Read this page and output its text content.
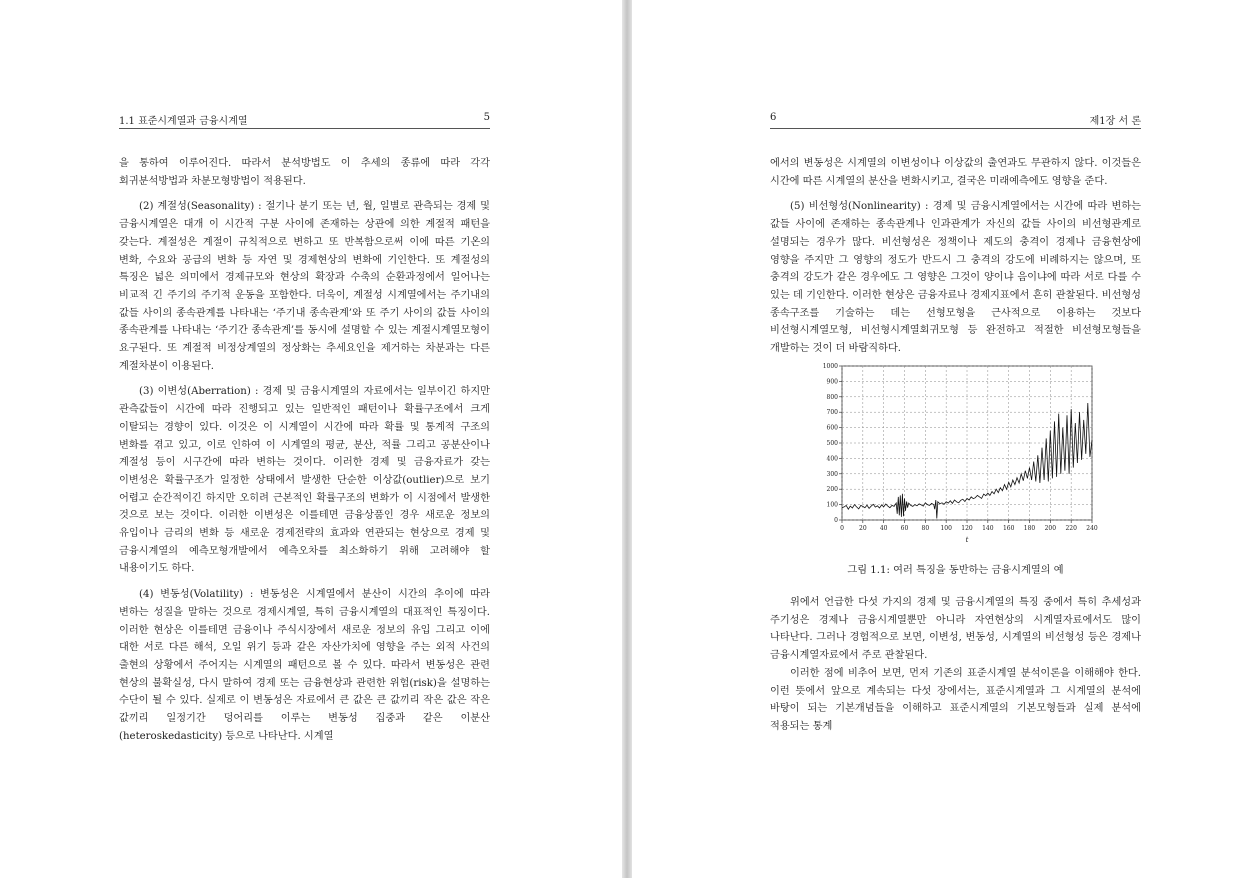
1.1 표준시계열과 금융시계열	5

을 통하여 이루어진다. 따라서 분석방법도 이 추세의 종류에 따라 각각 회귀분석방법과 차분모형방법이 적용된다.

(2) 계절성(Seasonality) : 절기나 분기 또는 년, 월, 일별로 관측되는 경제 및 금융시계열은 대개 이 시간적 구분 사이에 존재하는 상관에 의한 계절적 패턴을 갖는다. 계절성은 계절이 규칙적으로 변하고 또 반복함으로써 이에 따른 기온의 변화, 수요와 공급의 변화 등 자연 및 경제현상의 변화에 기인한다. 또 계절성의 특징은 넓은 의미에서 경제규모와 현상의 확장과 수축의 순환과정에서 일어나는 비교적 긴 주기의 주기적 운동을 포함한다. 더욱이, 계절성 시계열에서는 주기내의 값들 사이의 종속관계를 나타내는 ‘주기내 종속관계’와 또 주기 사이의 값들 사이의 종속관계를 나타내는 ‘주기간 종속관계’를 동시에 설명할 수 있는 계절시계열모형이 요구된다. 또 계절적 비정상계열의 정상화는 추세요인을 제거하는 차분과는 다른 계절차분이 이용된다.

(3) 이변성(Aberration) : 경제 및 금융시계열의 자료에서는 일부이긴 하지만 관측값들이 시간에 따라 진행되고 있는 일반적인 패턴이나 확률구조에서 크게 이탈되는 경향이 있다. 이것은 이 시계열이 시간에 따라 확률 및 통계적 구조의 변화를 겪고 있고, 이로 인하여 이 시계열의 평균, 분산, 적률 그리고 공분산이나 계절성 등이 시구간에 따라 변하는 것이다. 이러한 경제 및 금융자료가 갖는 이변성은 확률구조가 일정한 상태에서 발생한 단순한 이상값(outlier)으로 보기 어렵고 순간적이긴 하지만 오히려 근본적인 확률구조의 변화가 이 시점에서 발생한 것으로 보는 것이다. 이러한 이변성은 이를테면 금융상품인 경우 새로운 정보의 유입이나 금리의 변화 등 새로운 경제전략의 효과와 연관되는 현상으로 경제 및 금융시계열의 예측모형개발에서 예측오차를 최소화하기 위해 고려해야 할 내용이기도 하다.

(4) 변동성(Volatility) : 변동성은 시계열에서 분산이 시간의 추이에 따라 변하는 성질을 말하는 것으로 경제시계열, 특히 금융시계열의 대표적인 특징이다. 이러한 현상은 이를테면 금융이나 주식시장에서 새로운 정보의 유입 그리고 이에 대한 서로 다른 해석, 오일 위기 등과 같은 자산가치에 영향을 주는 외적 사건의 출현의 상황에서 주어지는 시계열의 패턴으로 볼 수 있다. 따라서 변동성은 관련 현상의 불확실성, 다시 말하여 경제 또는 금융현상과 관련한 위험(risk)을 설명하는 수단이 될 수 있다. 실제로 이 변동성은 자료에서 큰 값은 큰 값끼리 작은 값은 작은 값끼리 일정기간 덩어리를 이루는 변동성 집중과 같은 이분산(heteroskedasticity) 등으로 나타난다. 시계열

6	제1장 서 론

에서의 변동성은 시계열의 이변성이나 이상값의 출연과도 무관하지 않다. 이것들은 시간에 따른 시계열의 분산을 변화시키고, 결국은 미래예측에도 영향을 준다.

(5) 비선형성(Nonlinearity) : 경제 및 금융시계열에서는 시간에 따라 변하는 값들 사이에 존재하는 종속관계나 인과관계가 자신의 값들 사이의 비선형관계로 설명되는 경우가 많다. 비선형성은 정책이나 제도의 충격이 경제나 금융현상에 영향을 주지만 그 영향의 정도가 반드시 그 충격의 강도에 비례하지는 않으며, 또 충격의 강도가 같은 경우에도 그 영향은 그것이 양이냐 음이냐에 따라 서로 다를 수 있는 데 기인한다. 이러한 현상은 금융자료나 경제지표에서 흔히 관찰된다. 비선형성 종속구조를 기술하는 데는 선형모형을 근사적으로 이용하는 것보다 비선형시계열모형, 비선형시계열회귀모형 등 완전하고 적절한 비선형모형들을 개발하는 것이 더 바람직하다.

0
100
200
300
400
500
600
700
800
900
1000
0	20 40 60 80 100 120 140 160 180 200 220 240
t
그림 1.1: 여러 특징을 동반하는 금융시계열의 예

위에서 언급한 다섯 가지의 경제 및 금융시계열의 특징 중에서 특히 추세성과 주기성은 경제나 금융시계열뿐만 아니라 자연현상의 시계열자료에서도 많이 나타난다. 그러나 경험적으로 보면, 이변성, 변동성, 시계열의 비선형성 등은 경제나 금융시계열자료에서 주로 관찰된다.

이러한 점에 비추어 보면, 먼저 기존의 표준시계열 분석이론을 이해해야 한다. 이런 뜻에서 앞으로 계속되는 다섯 장에서는, 표준시계열과 그 시계열의 분석에 바탕이 되는 기본개념들을 이해하고 표준시계열의 기본모형들과 실제 분석에 적용되는 통계
